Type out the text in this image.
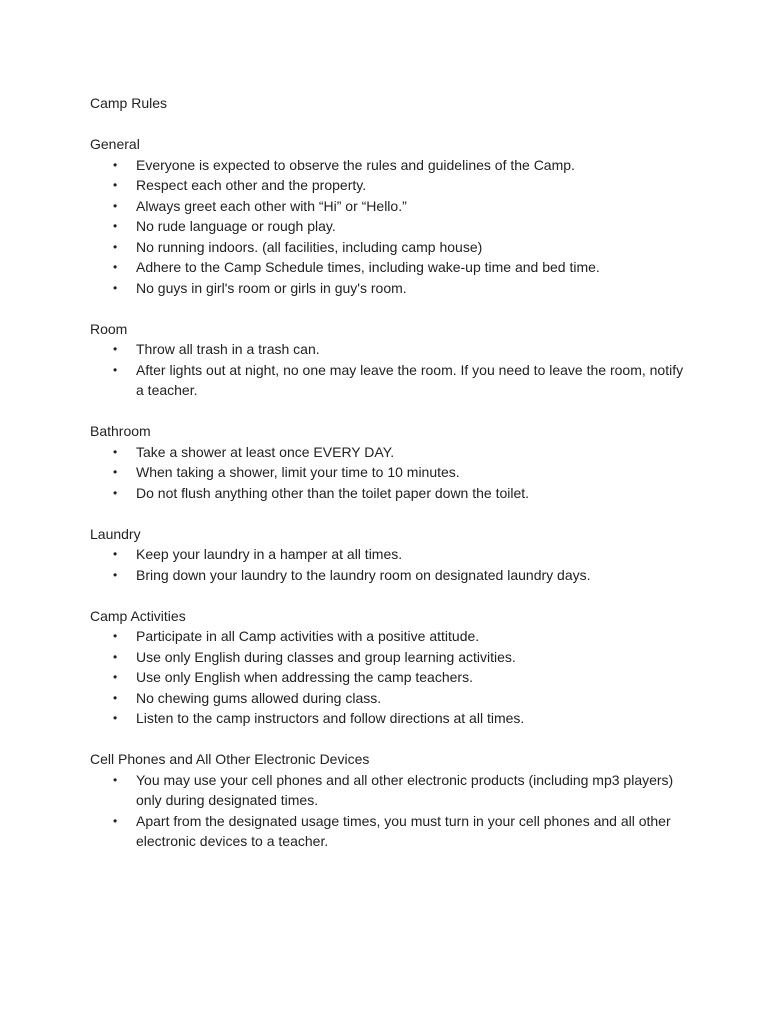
Camp Rules
General
• Everyone is expected to observe the rules and guidelines of the Camp.
• Respect each other and the property.
• Always greet each other with “Hi” or “Hello.”
• No rude language or rough play.
• No running indoors. (all facilities, including camp house)
• Adhere to the Camp Schedule times, including wake-up time and bed time.
• No guys in girl's room or girls in guy's room.
Room
• Throw all trash in a trash can.
• After lights out at night, no one may leave the room. If you need to leave the room, notify a teacher.
Bathroom
• Take a shower at least once EVERY DAY.
• When taking a shower, limit your time to 10 minutes.
• Do not flush anything other than the toilet paper down the toilet.
Laundry
• Keep your laundry in a hamper at all times.
• Bring down your laundry to the laundry room on designated laundry days.
Camp Activities
• Participate in all Camp activities with a positive attitude.
• Use only English during classes and group learning activities.
• Use only English when addressing the camp teachers.
• No chewing gums allowed during class.
• Listen to the camp instructors and follow directions at all times.
Cell Phones and All Other Electronic Devices
• You may use your cell phones and all other electronic products (including mp3 players) only during designated times.
• Apart from the designated usage times, you must turn in your cell phones and all other electronic devices to a teacher.
